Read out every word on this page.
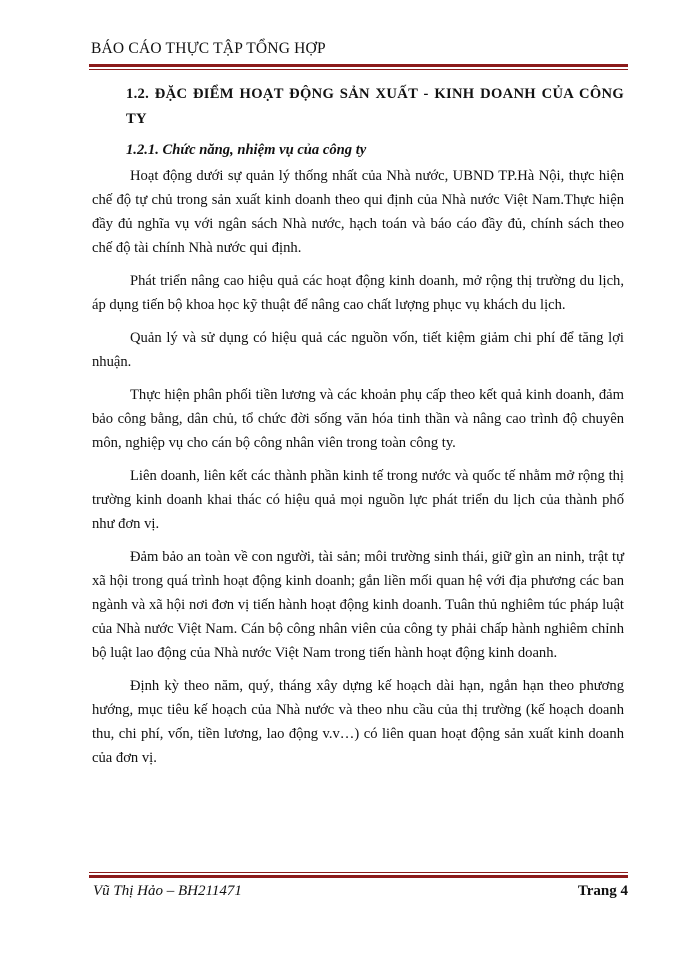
BÁO CÁO THỰC TẬP TỔNG HỢP

1.2. ĐẶC ĐIỂM HOẠT ĐỘNG SẢN XUẤT - KINH DOANH CỦA CÔNG TY

1.2.1. Chức năng, nhiệm vụ của công ty

Hoạt động dưới sự quản lý thống nhất của Nhà nước, UBND TP.Hà Nội, thực hiện chế độ tự chủ trong sản xuất kinh doanh theo qui định của Nhà nước Việt Nam.Thực hiện đầy đủ nghĩa vụ với ngân sách Nhà nước, hạch toán và báo cáo đầy đủ, chính sách theo chế độ tài chính Nhà nước qui định.

Phát triển nâng cao hiệu quả các hoạt động kinh doanh, mở rộng thị trường du lịch, áp dụng tiến bộ khoa học kỹ thuật để nâng cao chất lượng phục vụ khách du lịch.

Quản lý và sử dụng có hiệu quả các nguồn vốn, tiết kiệm giảm chi phí để tăng lợi nhuận.

Thực hiện phân phối tiền lương và các khoản phụ cấp theo kết quả kinh doanh, đảm bảo công bằng, dân chủ, tổ chức đời sống văn hóa tinh thần và nâng cao trình độ chuyên môn, nghiệp vụ cho cán bộ công nhân viên trong toàn công ty.

Liên doanh, liên kết các thành phần kinh tế trong nước và quốc tế nhằm mở rộng thị trường kinh doanh khai thác có hiệu quả mọi nguồn lực phát triển du lịch của thành phố như đơn vị.

Đảm bảo an toàn về con người, tài sản; môi trường sinh thái, giữ gìn an ninh, trật tự xã hội trong quá trình hoạt động kinh doanh; gắn liền mối quan hệ với địa phương các ban ngành và xã hội nơi đơn vị tiến hành hoạt động kinh doanh. Tuân thủ nghiêm túc pháp luật của Nhà nước Việt Nam. Cán bộ công nhân viên của công ty phải chấp hành nghiêm chỉnh bộ luật lao động của Nhà nước Việt Nam trong tiến hành hoạt động kinh doanh.

Định kỳ theo năm, quý, tháng xây dựng kế hoạch dài hạn, ngắn hạn theo phương hướng, mục tiêu kế hoạch của Nhà nước và theo nhu cầu của thị trường (kế hoạch doanh thu, chi phí, vốn, tiền lương, lao động v.v…) có liên quan hoạt động sản xuất kinh doanh của đơn vị.

Vũ Thị Hảo – BH211471	Trang 4
